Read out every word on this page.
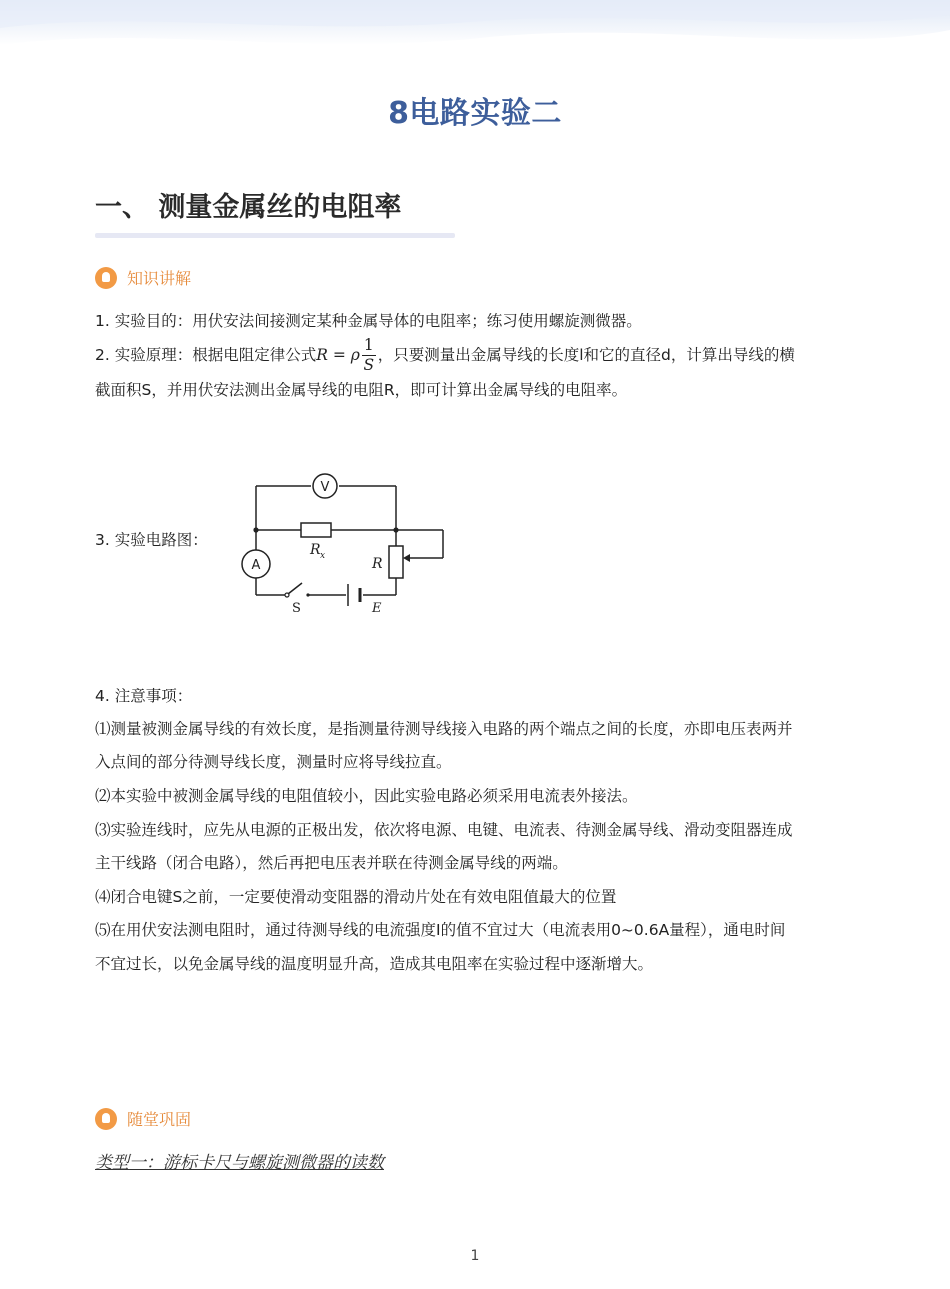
8电路实验二
一、 测量金属丝的电阻率
知识讲解
1. 实验目的：用伏安法间接测定某种金属导体的电阻率；练习使用螺旋测微器。
2. 实验原理：根据电阻定律公式R = ρ $\frac{1}{S}$ ，只要测量出金属导线的长度l和它的直径d，计算出导线的横
截面积S，并用伏安法测出金属导线的电阻R，即可计算出金属导线的电阻率。
3. 实验电路图：
V
R x
A	R
S	E
4. 注意事项：
⑴测量被测金属导线的有效长度，是指测量待测导线接入电路的两个端点之间的长度，亦即电压表两并
入点间的部分待测导线长度，测量时应将导线拉直。
⑵本实验中被测金属导线的电阻值较小，因此实验电路必须采用电流表外接法。
⑶实验连线时，应先从电源的正极出发，依次将电源、电键、电流表、待测金属导线、滑动变阻器连成
主干线路（闭合电路），然后再把电压表并联在待测金属导线的两端。
⑷闭合电键S之前，一定要使滑动变阻器的滑动片处在有效电阻值最大的位置
⑸在用伏安法测电阻时，通过待测导线的电流强度I的值不宜过大（电流表用0~0.6A量程），通电时间
不宜过长，以免金属导线的温度明显升高，造成其电阻率在实验过程中逐渐增大。
随堂巩固
类型一：游标卡尺与螺旋测微器的读数
1
